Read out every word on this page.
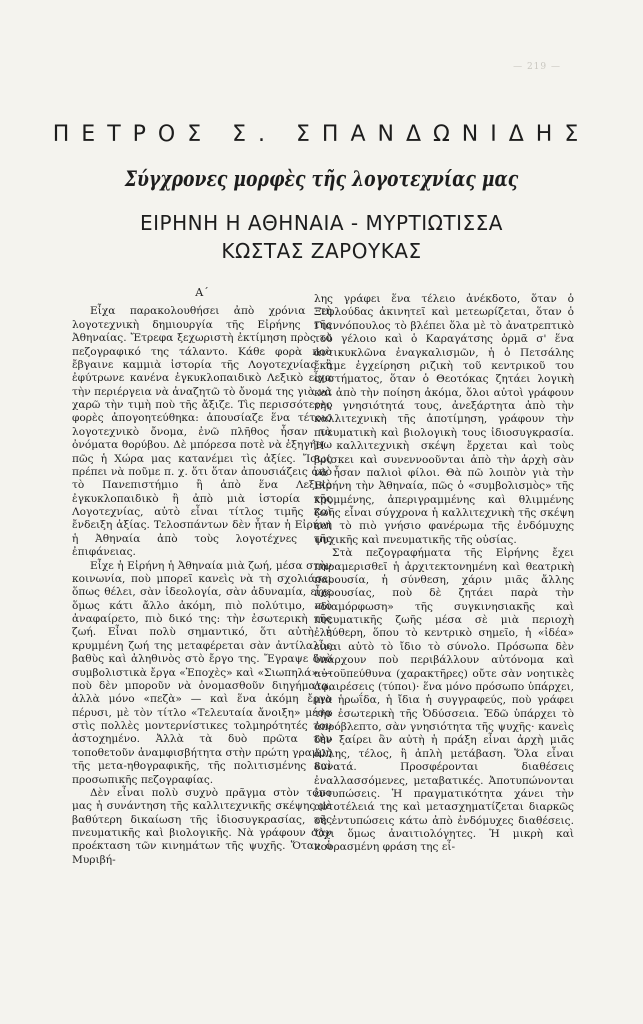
— 219 —
ΠΕΤΡΟΣ Σ. ΣΠΑΝΔΩΝΙΔΗΣ
Σύγχρονες μορφὲς τῆς λογοτεχνίας μας
ΕΙΡΗΝΗ Η ΑΘΗΝΑΙΑ - ΜΥΡΤΙΩΤΙΣΣΑ
ΚΩΣΤΑΣ ΖΑΡΟΥΚΑΣ
Α΄

Εἶχα παρακολουθήσει ἀπὸ χρόνια τὴ λογοτεχνικὴ δημιουργία τῆς Εἰρήνης τῆς Ἀθηναίας. Ἔτρεφα ξεχωριστὴ ἐκτίμηση πρὸς τὸ πεζογραφικό της τάλαντο. Κάθε φορὰ ποὺ ἔβγαινε καμμιὰ ἱστορία τῆς Λογοτεχνίας ἢ ἐφύτρωνε κανένα ἐγκυκλοπαιδικὸ Λεξικὸ εἶχα τὴν περιέργεια νὰ ἀναζητῶ τὸ ὄνομά της γιὰ νὰ χαρῶ τὴν τιμὴ ποὺ τῆς ἄξιζε. Τὶς περισσότερες φορὲς ἀπογοητεύθηκα: ἀπουσίαζε ἕνα τέτοιο λογοτεχνικὸ ὄνομα, ἐνῶ πλῆθος ἦσαν τὰ ὀνόματα θορύβου. Δὲ μπόρεσα ποτὲ νὰ ἐξηγήσω πῶς ἡ Χώρα μας κατανέμει τὶς ἀξίες. Ἴσως πρέπει νὰ ποῦμε π. χ. ὅτι ὅταν ἀπουσιάζεις ἀπὸ τὸ Πανεπιστήμιο ἢ ἀπὸ ἕνα Λεξικὸ ἐγκυκλοπαιδικὸ ἢ ἀπὸ μιὰ ἱστορία τῆς Λογοτεχνίας, αὐτὸ εἶναι τίτλος τιμῆς καὶ ἔνδειξη ἀξίας. Τελοσπάντων δὲν ἦταν ἡ Εἰρήνη ἡ Ἀθηναία ἀπὸ τοὺς λογοτέχνες τῆς ἐπιφάνειας.

Εἶχε ἡ Εἰρήνη ἡ Ἀθηναία μιὰ ζωή, μέσα στὴν κοινωνία, ποὺ μπορεῖ κανεὶς νὰ τὴ σχολιάσει ὅπως θέλει, σὰν ἰδεολογία, σὰν ἀδυναμία, εἶχε ὅμως κάτι ἄλλο ἀκόμη, πιὸ πολύτιμο, πιὸ ἀναφαίρετο, πιὸ δικό της: τὴν ἐσωτερικὴ τῆς ζωή. Εἶναι πολὺ σημαντικό, ὅτι αὐτὴ ἡ κρυμμένη ζωή της μεταφέρεται σὰν ἀντίλαλος βαθὺς καὶ ἀληθινὸς στὸ ἔργο της. Ἔγραψε δυὸ συμβολιστικὰ ἔργα «Ἐποχὲς» καὶ «Σιωπηλά» — ποὺ δὲν μποροῦν νὰ ὀνομασθοῦν διηγήματα, ἀλλὰ μόνο «πεζὰ» — καὶ ἕνα ἀκόμη ἔργο πέρυσι, μὲ τὸν τίτλο «Τελευταία ἄνοιξη» μέσα στὶς πολλὲς μοντερνίστικες τολμηρότητές του ἀστοχημένο. Ἀλλὰ τὰ δυὸ πρῶτα τὴν τοποθετοῦν ἀναμφισβήτητα στὴν πρώτη γραμμὴ τῆς μετα-ηθογραφικῆς, τῆς πολιτισμένης καὶ προσωπικῆς πεζογραφίας.

Δὲν εἶναι πολὺ συχνὸ πρᾶγμα στὸν τόπο μας ἡ συνάντηση τῆς καλλιτεχνικῆς σκέψης μὲ βαθύτερη δικαίωση τῆς ἰδιοσυγκρασίας, τῆς πνευματικῆς καὶ βιολογικῆς. Νὰ γράφουν σὰν προέκταση τῶν κινημάτων τῆς ψυχῆς. Ὅταν ὁ Μυριβή-

λης γράφει ἕνα τέλειο ἀνέκδοτο, ὅταν ὁ Ξεφλούδας ἀκινητεῖ καὶ μετεωρίζεται, ὅταν ὁ Γιαννόπουλος τὸ βλέπει ὅλα μὲ τὸ ἀνατρεπτικὸ τοῦ γέλοιο καὶ ὁ Καραγάτσης ὁρμᾶ σ' ἕνα ἀντικυκλῶνα ἐναγκαλισμῶν, ἡ ὁ Πετσάλης ἔκαμε ἐγχείρηση ριζικὴ τοῦ κεντρικοῦ του συστήματος, ὅταν ὁ Θεοτόκας ζητάει λογικὴ καὶ ἀπὸ τὴν ποίηση ἀκόμα, ὅλοι αὐτοὶ γράφουν τὴν γνησιότητά τους, ἀνεξάρτητα ἀπὸ τὴν καλλιτεχνικὴ τῆς ἀποτίμηση, γράφουν τὴν πνευματικὴ καὶ βιολογικὴ τους ἰδιοσυγκρασία. Ἡ καλλιτεχνικὴ σκέψη ἔρχεται καὶ τοὺς βρίσκει καὶ συνεννοοῦνται ἀπὸ τὴν ἀρχὴ σὰν νὰ ἦσαν παλιοὶ φίλοι. Θὰ πῶ λοιπὸν γιὰ τὴν Εἰρήνη τὴν Ἀθηναία, πῶς ὁ «συμβολισμὸς» τῆς κρυμμένης, ἀπεριγραμμένης καὶ θλιμμένης ζωῆς εἶναι σύγχρονα ἡ καλλιτεχνικὴ τῆς σκέψη καὶ τὸ πιὸ γνήσιο φανέρωμα τῆς ἐνδόμυχης ψυχικῆς καὶ πνευματικῆς τῆς οὐσίας.

Στὰ πεζογραφήματα τῆς Εἰρήνης ἔχει παραμερισθεῖ ἡ ἀρχιτεκτονημένη καὶ θεατρικὴ παρουσία, ἡ σύνθεση, χάριν μιᾶς ἄλλης παρουσίας, ποὺ δὲ ζητάει παρὰ τὴν «διαμόρφωση» τῆς συγκινησιακῆς καὶ πνευματικῆς ζωῆς μέσα σὲ μιὰ περιοχὴ ἐλεύθερη, ὅπου τὸ κεντρικὸ σημεῖο, ἡ «ἰδέα» εἶναι αὐτὸ τὸ ἴδιο τὸ σύνολο. Πρόσωπα δὲν ὑπάρχουν ποὺ περιβάλλουν αὐτόνομα καὶ αὐτοϋπεύθυνα (χαρακτῆρες) οὔτε σὰν νοητικὲς ἀφαιρέσεις (τύποι)· ἕνα μόνο πρόσωπο ὑπάρχει, μιὰ ἡρωΐδα, ἡ ἴδια ἡ συγγραφεύς, ποὺ γράφει τὴν ἐσωτερικὴ τῆς Ὀδύσσεια. Ἐδῶ ὑπάρχει τὸ ἀπρόβλεπτο, σὰν γνησιότητα τῆς ψυχῆς· κανεὶς δὲν ξαίρει ἂν αὐτὴ ἡ πράξη εἶναι ἀρχὴ μιᾶς ἄλλης, τέλος, ἢ ἁπλὴ μετάβαση. Ὅλα εἶναι δυνατά. Προσφέρονται διαθέσεις ἐναλλασσόμενες, μεταβατικές. Ἀποτυπώνονται ἐντυπώσεις. Ἡ πραγματικότητα χάνει τὴν αὐτοτέλειά της καὶ μετασχηματίζεται διαρκῶς σὲ ἐντυπώσεις κάτω ἀπὸ ἐνδόμυχες διαθέσεις. Ὄχι ὅμως ἀναιτιολόγητες. Ἡ μικρὴ καὶ κουρασμένη φράση της εἶ-
